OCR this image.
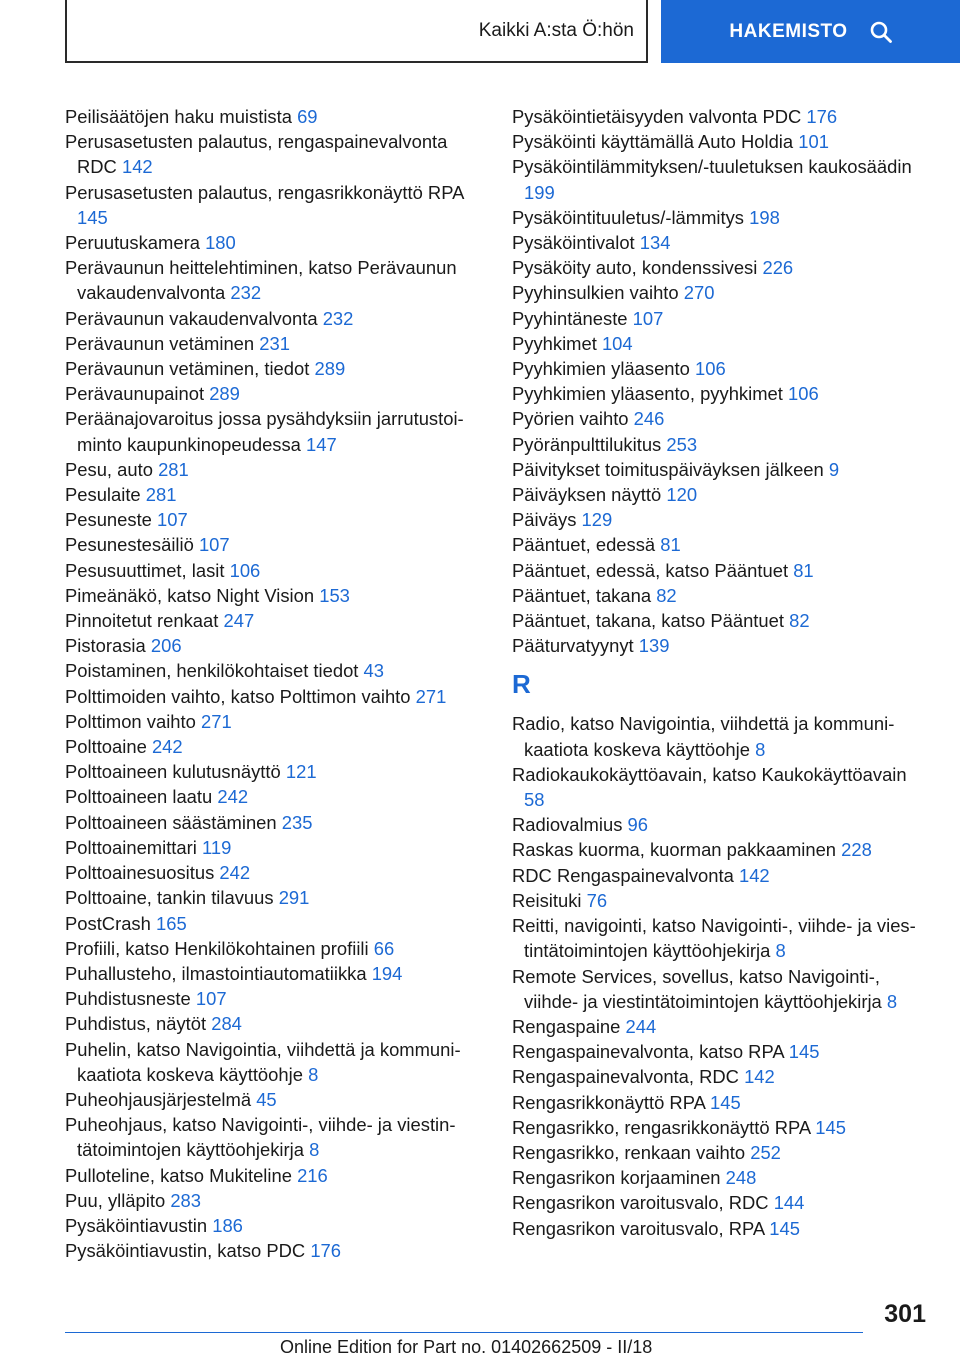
Kaikki A:sta Ö:hön	HAKEMISTO

Peilisäätöjen haku muistista 69

Perusasetusten palautus, rengaspainevalvonta RDC 142

Perusasetusten palautus, rengasrikkonäyttö RPA 145

Peruutuskamera 180

Perävaunun heittelehtiminen, katso Perävaunun vakaudenvalvonta 232

Perävaunun vakaudenvalvonta 232

Perävaunun vetäminen 231

Perävaunun vetäminen, tiedot 289

Perävaunupainot 289

Peräänajovaroitus jossa pysähdyksiin jarrutustoiminto kaupunkinopeudessa 147

Pesu, auto 281

Pesulaite 281

Pesuneste 107

Pesunestesäiliö 107

Pesusuuttimet, lasit 106

Pimeänäkö, katso Night Vision 153

Pinnoitetut renkaat 247

Pistorasia 206

Poistaminen, henkilökohtaiset tiedot 43

Polttimoiden vaihto, katso Polttimon vaihto 271

Polttimon vaihto 271

Polttoaine 242

Polttoaineen kulutusnäyttö 121

Polttoaineen laatu 242

Polttoaineen säästäminen 235

Polttoainemittari 119

Polttoainesuositus 242

Polttoaine, tankin tilavuus 291

PostCrash 165

Profiili, katso Henkilökohtainen profiili 66

Puhallusteho, ilmastointiautomatiikka 194

Puhdistusneste 107

Puhdistus, näytöt 284

Puhelin, katso Navigointia, viihdettä ja kommunikaatiota koskeva käyttöohje 8

Puheohjausjärjestelmä 45

Puheohjaus, katso Navigointi-, viihde- ja viestintätoimintojen käyttöohjekirja 8

Pulloteline, katso Mukiteline 216

Puu, ylläpito 283

Pysäköintiavustin 186

Pysäköintiavustin, katso PDC 176

Pysäköintietäisyyden valvonta PDC 176

Pysäköinti käyttämällä Auto Holdia 101

Pysäköintilämmityksen/-tuuletuksen kaukosäädin 199

Pysäköintituuletus/-lämmitys 198

Pysäköintivalot 134

Pysäköity auto, kondenssivesi 226

Pyyhinsulkien vaihto 270

Pyyhintäneste 107

Pyyhkimet 104

Pyyhkimien yläasento 106

Pyyhkimien yläasento, pyyhkimet 106

Pyörien vaihto 246

Pyöränpulttilukitus 253

Päivitykset toimituspäiväyksen jälkeen 9

Päiväyksen näyttö 120

Päiväys 129

Pääntuet, edessä 81

Pääntuet, edessä, katso Pääntuet 81

Pääntuet, takana 82

Pääntuet, takana, katso Pääntuet 82

Pääturvatyynyt 139

R

Radio, katso Navigointia, viihdettä ja kommunikaatiota koskeva käyttöohje 8

Radiokaukokäyttöavain, katso Kaukokäyttöavain 58

Radiovalmius 96

Raskas kuorma, kuorman pakkaaminen 228

RDC Rengaspainevalvonta 142

Reisituki 76

Reitti, navigointi, katso Navigointi-, viihde- ja viestintätoimintojen käyttöohjekirja 8

Remote Services, sovellus, katso Navigointi-, viihde- ja viestintätoimintojen käyttöohjekirja 8

Rengaspaine 244

Rengaspainevalvonta, katso RPA 145

Rengaspainevalvonta, RDC 142

Rengasrikkonäyttö RPA 145

Rengasrikko, rengasrikkonäyttö RPA 145

Rengasrikko, renkaan vaihto 252

Rengasrikon korjaaminen 248

Rengasrikon varoitusvalo, RDC 144

Rengasrikon varoitusvalo, RPA 145

301
Online Edition for Part no. 01402662509 - II/18
